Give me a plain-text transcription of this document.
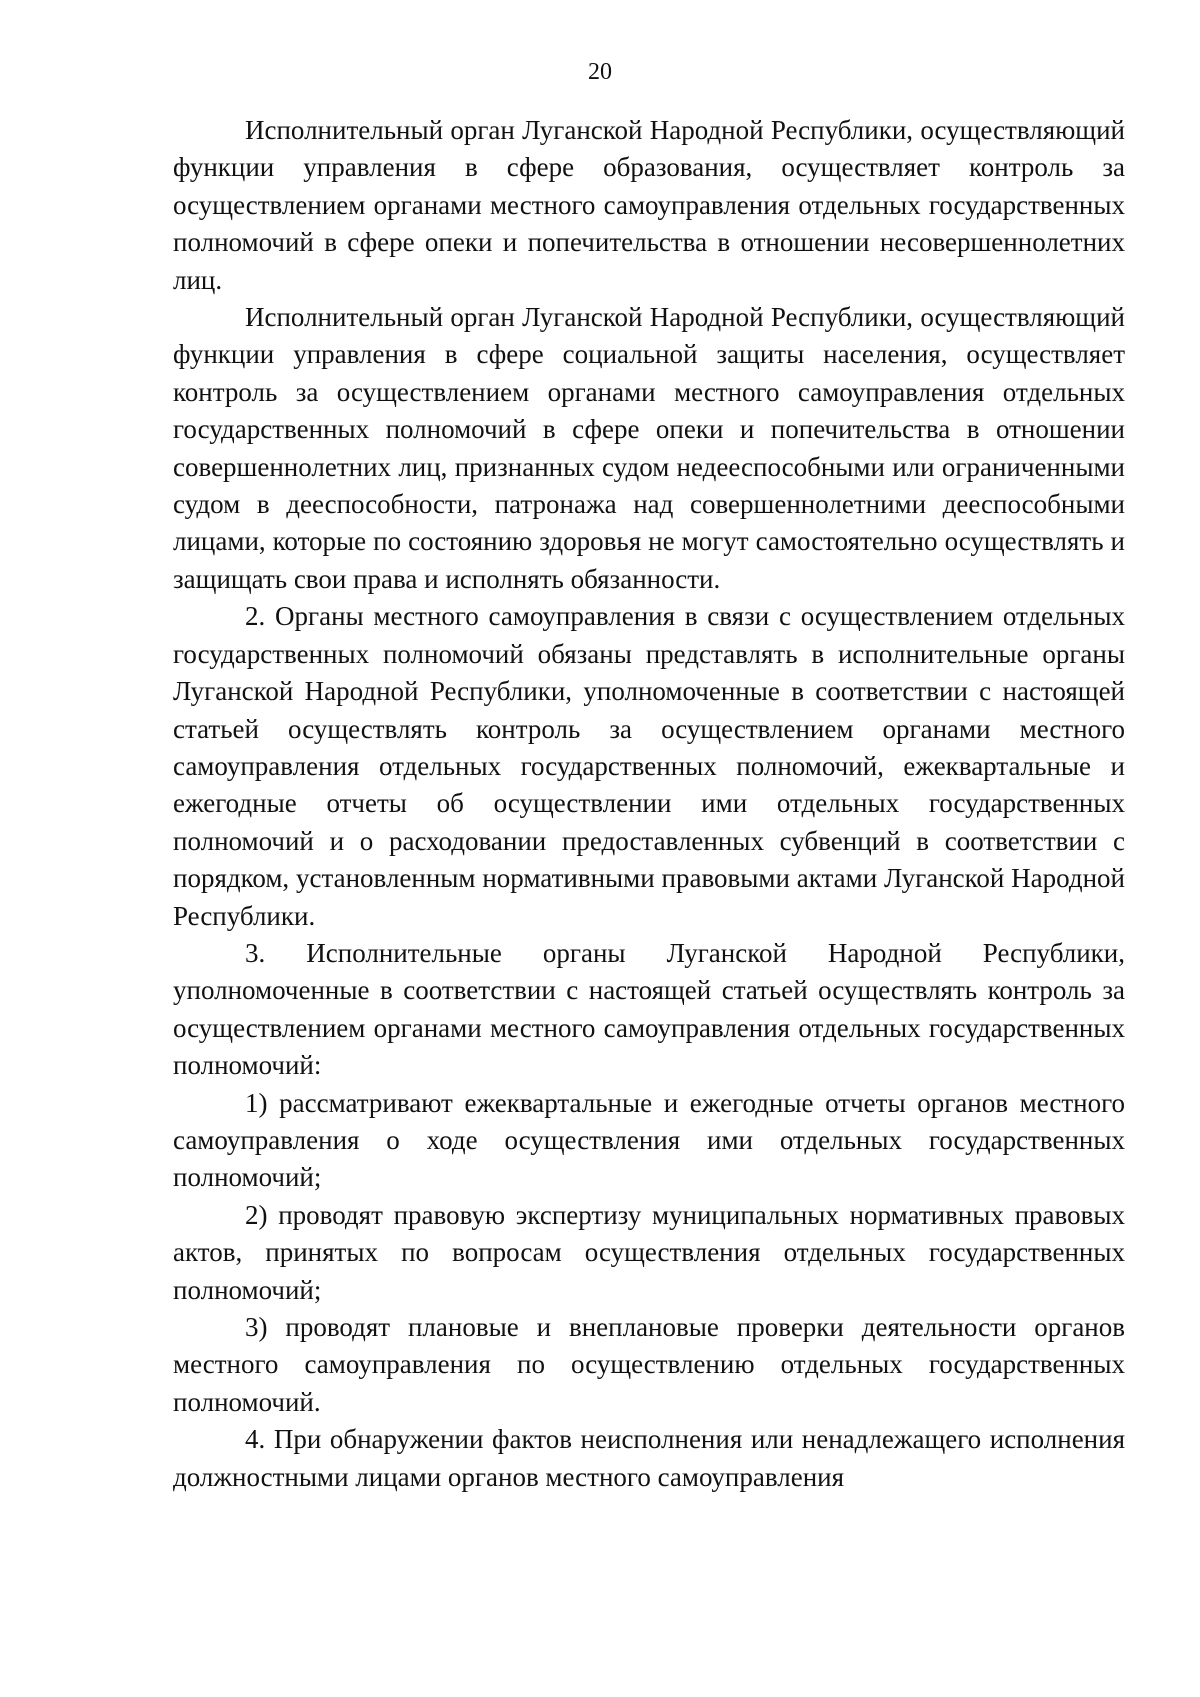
20

Исполнительный орган Луганской Народной Республики, осуществляющий функции управления в сфере образования, осуществляет контроль за осуществлением органами местного самоуправления отдельных государственных полномочий в сфере опеки и попечительства в отношении несовершеннолетних лиц.

Исполнительный орган Луганской Народной Республики, осуществляющий функции управления в сфере социальной защиты населения, осуществляет контроль за осуществлением органами местного самоуправления отдельных государственных полномочий в сфере опеки и попечительства в отношении совершеннолетних лиц, признанных судом недееспособными или ограниченными судом в дееспособности, патронажа над совершеннолетними дееспособными лицами, которые по состоянию здоровья не могут самостоятельно осуществлять и защищать свои права и исполнять обязанности.

2. Органы местного самоуправления в связи с осуществлением отдельных государственных полномочий обязаны представлять в исполнительные органы Луганской Народной Республики, уполномоченные в соответствии с настоящей статьей осуществлять контроль за осуществлением органами местного самоуправления отдельных государственных полномочий, ежеквартальные и ежегодные отчеты об осуществлении ими отдельных государственных полномочий и о расходовании предоставленных субвенций в соответствии с порядком, установленным нормативными правовыми актами Луганской Народной Республики.

3. Исполнительные органы Луганской Народной Республики, уполномоченные в соответствии с настоящей статьей осуществлять контроль за осуществлением органами местного самоуправления отдельных государственных полномочий:

1) рассматривают ежеквартальные и ежегодные отчеты органов местного самоуправления о ходе осуществления ими отдельных государственных полномочий;

2) проводят правовую экспертизу муниципальных нормативных правовых актов, принятых по вопросам осуществления отдельных государственных полномочий;

3) проводят плановые и внеплановые проверки деятельности органов местного самоуправления по осуществлению отдельных государственных полномочий.

4. При обнаружении фактов неисполнения или ненадлежащего исполнения должностными лицами органов местного самоуправления
